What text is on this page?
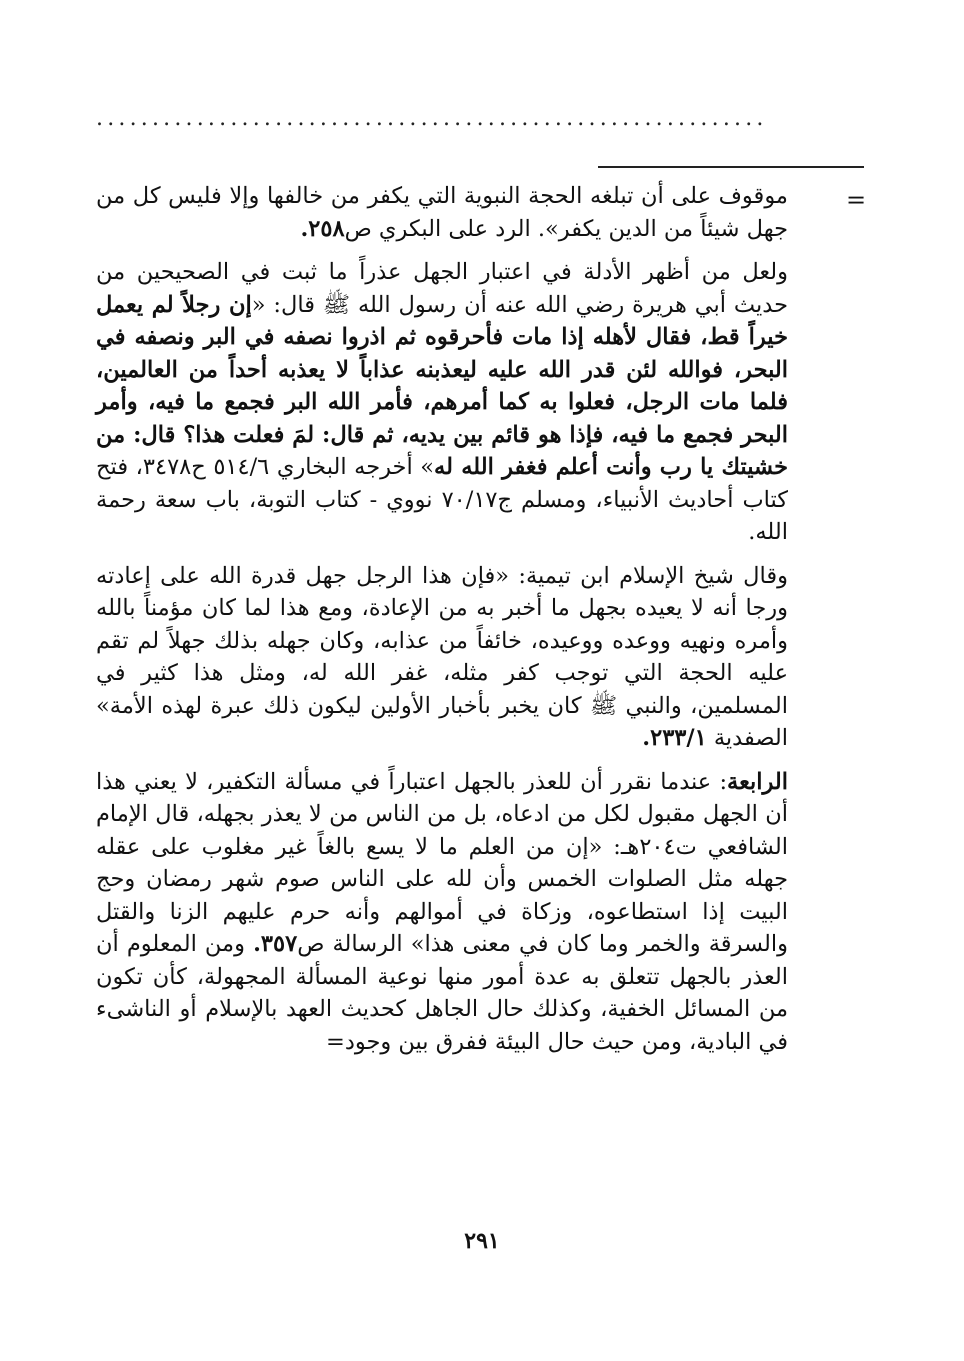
............................................................
=

موقوف على أن تبلغه الحجة النبوية التي يكفر من خالفها وإلا فليس كل من جهل شيئاً من الدين يكفر». الرد على البكري ص٢٥٨.

ولعل من أظهر الأدلة في اعتبار الجهل عذراً ما ثبت في الصحيحين من حديث أبي هريرة رضي الله عنه أن رسول الله ﷺ قال: «إن رجلاً لم يعمل خيراً قط، فقال لأهله إذا مات فأحرقوه ثم اذروا نصفه في البر ونصفه في البحر، فوالله لئن قدر الله عليه ليعذبنه عذاباً لا يعذبه أحداً من العالمين، فلما مات الرجل، فعلوا به كما أمرهم، فأمر الله البر فجمع ما فيه، وأمر البحر فجمع ما فيه، فإذا هو قائم بين يديه، ثم قال: لمَ فعلت هذا؟ قال: من خشيتك يا رب وأنت أعلم فغفر الله له» أخرجه البخاري ٥١٤/٦ ح٣٤٧٨، فتح كتاب أحاديث الأنبياء، ومسلم ج٧٠/١٧ نووي - كتاب التوبة، باب سعة رحمة الله.

وقال شيخ الإسلام ابن تيمية: «فإن هذا الرجل جهل قدرة الله على إعادته ورجا أنه لا يعيده بجهل ما أخبر به من الإعادة، ومع هذا لما كان مؤمناً بالله وأمره ونهيه ووعده ووعيده، خائفاً من عذابه، وكان جهله بذلك جهلاً لم تقم عليه الحجة التي توجب كفر مثله، غفر الله له، ومثل هذا كثير في المسلمين، والنبي ﷺ كان يخبر بأخبار الأولين ليكون ذلك عبرة لهذه الأمة» الصفدية ٢٣٣/١.

الرابعة: عندما نقرر أن للعذر بالجهل اعتباراً في مسألة التكفير، لا يعني هذا أن الجهل مقبول لكل من ادعاه، بل من الناس من لا يعذر بجهله، قال الإمام الشافعي ت٢٠٤هـ: «إن من العلم ما لا يسع بالغاً غير مغلوب على عقله جهله مثل الصلوات الخمس وأن لله على الناس صوم شهر رمضان وحج البيت إذا استطاعوه، وزكاة في أموالهم وأنه حرم عليهم الزنا والقتل والسرقة والخمر وما كان في معنى هذا» الرسالة ص٣٥٧. ومن المعلوم أن العذر بالجهل تتعلق به عدة أمور منها نوعية المسألة المجهولة، كأن تكون من المسائل الخفية، وكذلك حال الجاهل كحديث العهد بالإسلام أو الناشىء في البادية، ومن حيث حال البيئة ففرق بين وجود=

٢٩١
